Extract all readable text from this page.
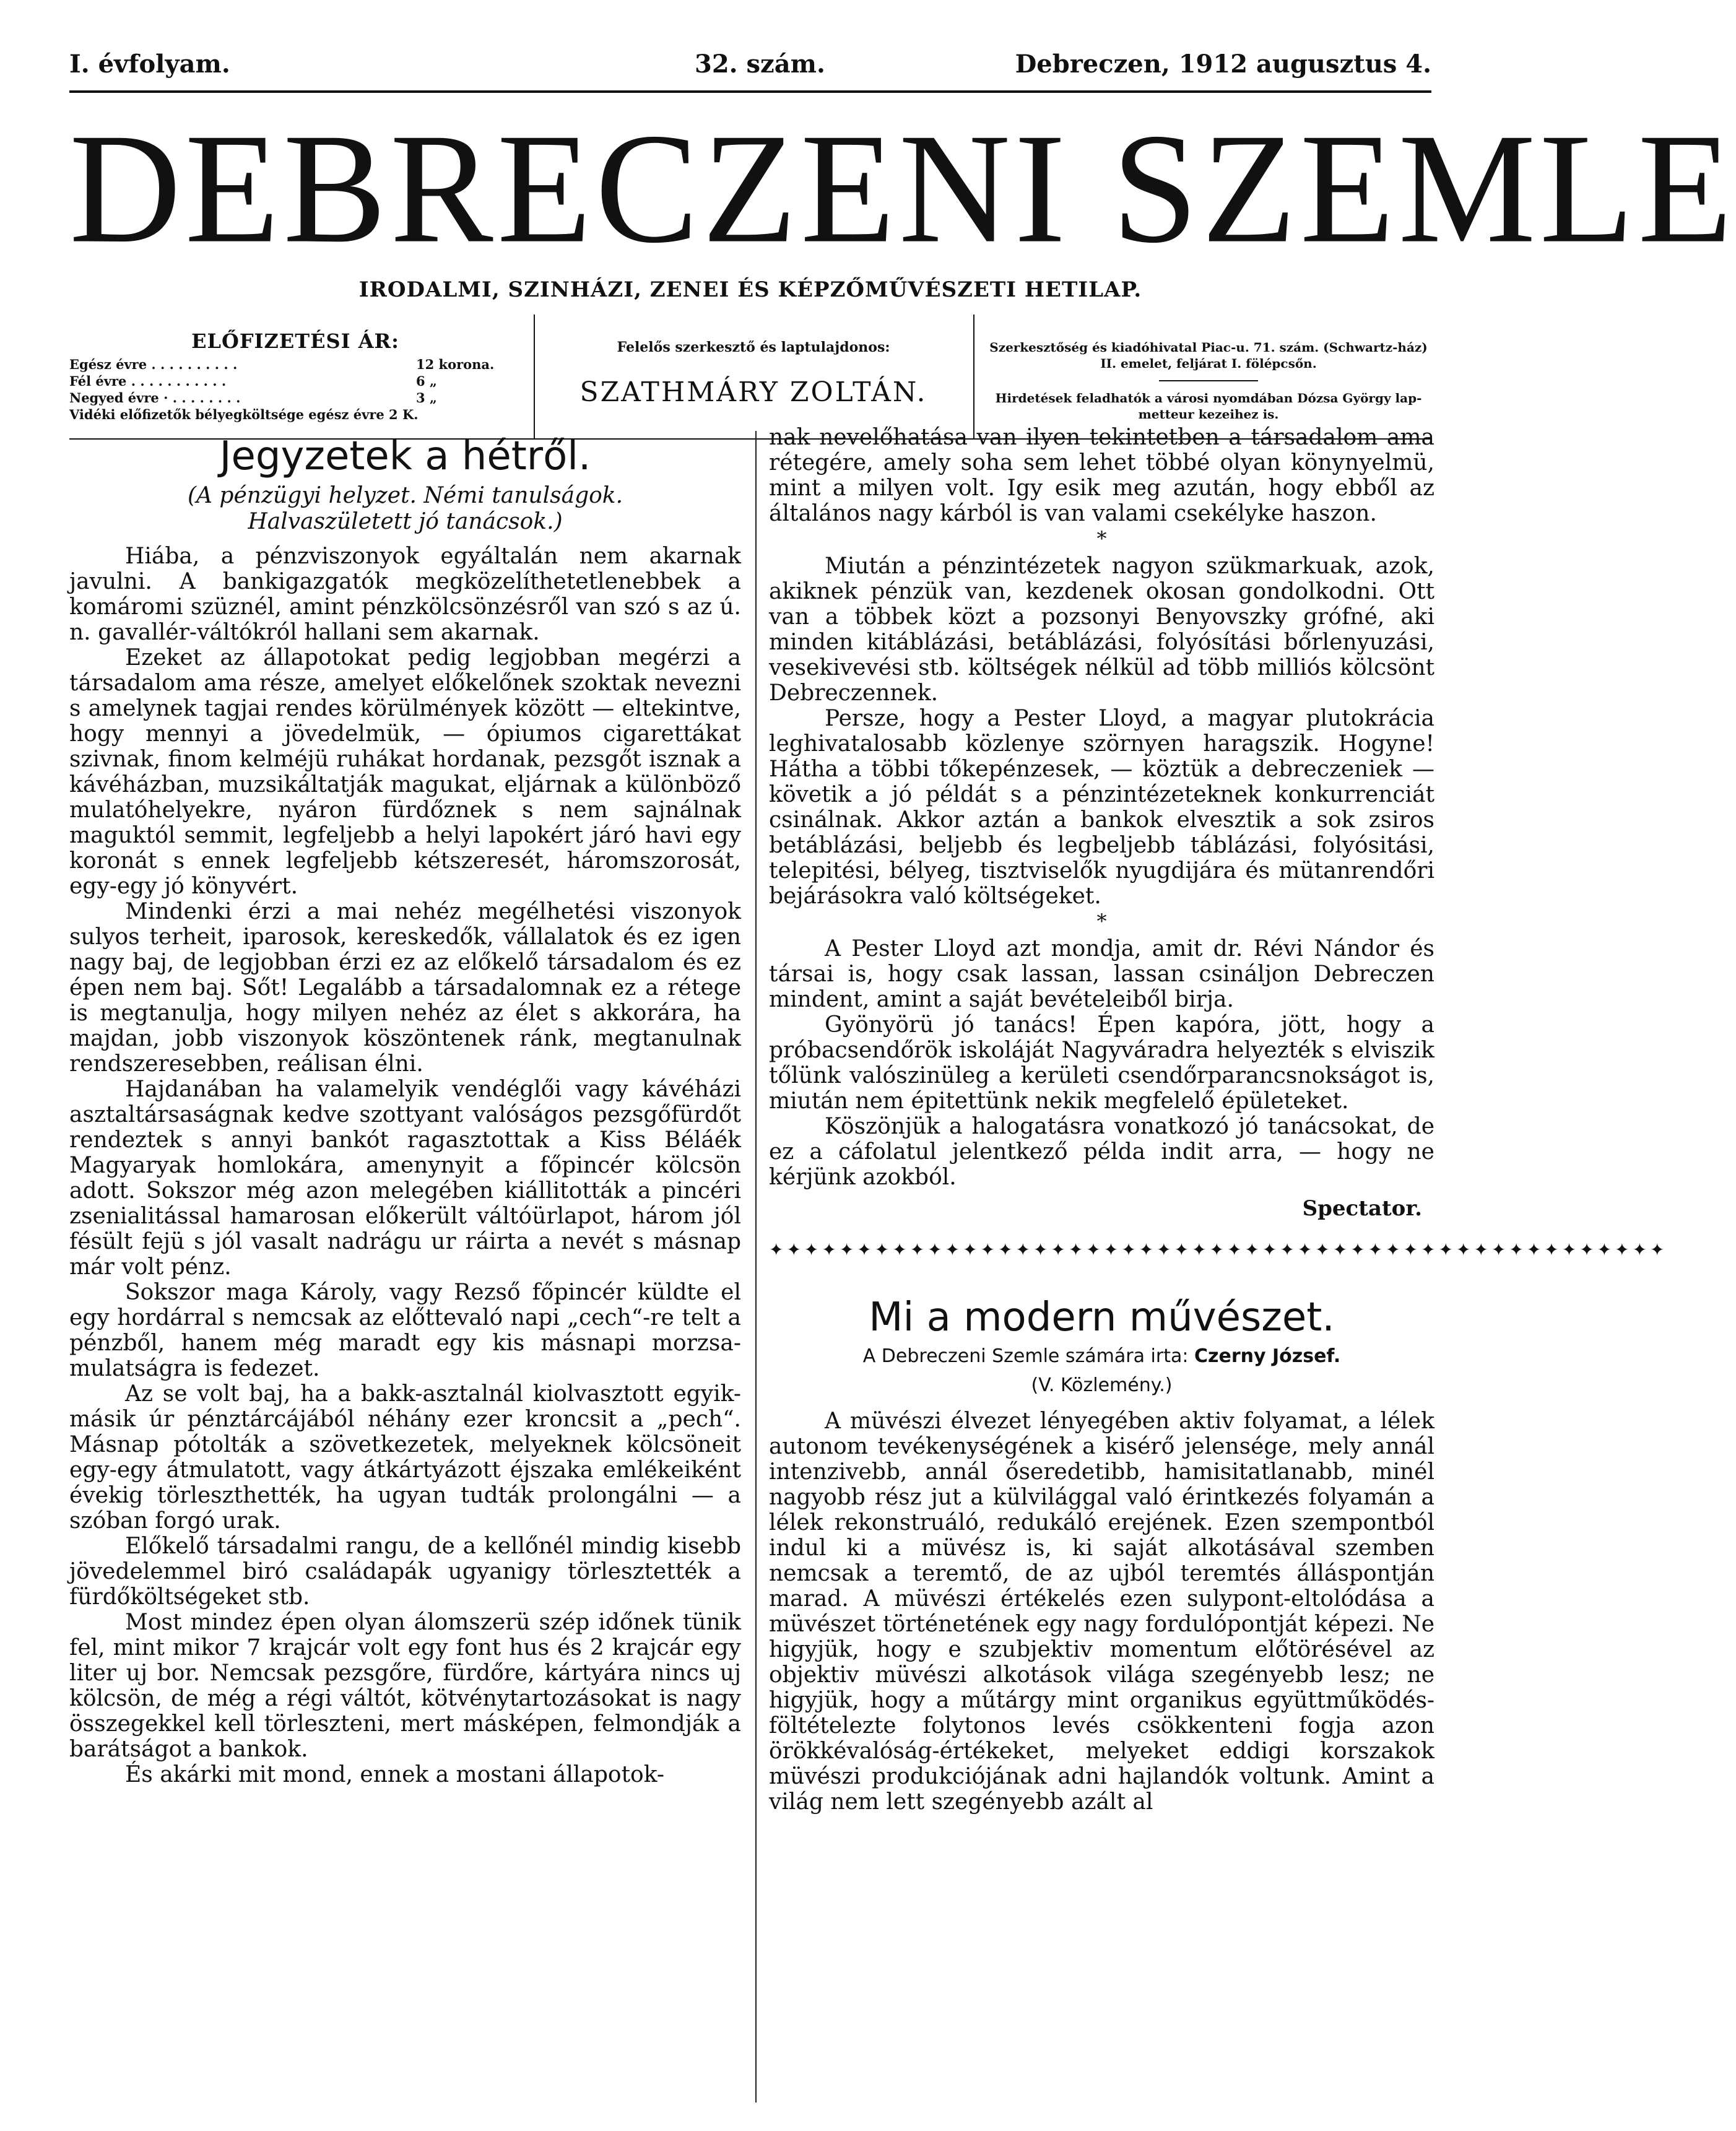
I. évfolyam.	32. szám.	Debreczen, 1912 augusztus 4.
DEBRECZENI SZEMLE
IRODALMI, SZINHÁZI, ZENEI ÉS KÉPZŐMŰVÉSZETI HETILAP.
ELŐFIZETÉSI ÁR:
Egész évre . . . . . . . . . .	12 korona.
Fél évre . . . . . . . . . . .	6 „
Negyed évre · . . . . . . . .	3 „
Vidéki előfizetők bélyegköltsége egész évre 2 K.
Felelős szerkesztő és laptulajdonos:
SZATHMÁRY ZOLTÁN.
Szerkesztőség és kiadóhivatal Piac-u. 71. szám. (Schwartz-ház) II. emelet, feljárat I. fölépcsőn.
Hirdetések feladhatók a városi nyomdában Dózsa György lap-metteur kezeihez is.
Jegyzetek a hétről.
(A pénzügyi helyzet. Némi tanulságok. Halvaszületett jó tanácsok.)

Hiába, a pénzviszonyok egyáltalán nem akarnak javulni. A bankigazgatók megközelíthetetlenebbek a komáromi szüznél, amint pénzkölcsönzésről van szó s az ú. n. gavallér-váltókról hallani sem akarnak.

Ezeket az állapotokat pedig legjobban megérzi a társadalom ama része, amelyet előkelőnek szoktak nevezni s amelynek tagjai rendes körülmények között — eltekintve, hogy mennyi a jövedelmük, — ópiumos cigarettákat szivnak, finom kelméjü ruhákat hordanak, pezsgőt isznak a kávéházban, muzsikáltatják magukat, eljárnak a különböző mulatóhelyekre, nyáron fürdőznek s nem sajnálnak maguktól semmit, legfeljebb a helyi lapokért járó havi egy koronát s ennek legfeljebb kétszeresét, háromszorosát, egy-egy jó könyvért.

Mindenki érzi a mai nehéz megélhetési viszonyok sulyos terheit, iparosok, kereskedők, vállalatok és ez igen nagy baj, de legjobban érzi ez az előkelő társadalom és ez épen nem baj. Sőt! Legalább a társadalomnak ez a rétege is megtanulja, hogy milyen nehéz az élet s akkorára, ha majdan, jobb viszonyok köszöntenek ránk, megtanulnak rendszeresebben, reálisan élni.

Hajdanában ha valamelyik vendéglői vagy kávéházi asztaltársaságnak kedve szottyant valóságos pezsgőfürdőt rendeztek s annyi bankót ragasztottak a Kiss Béláék Magyaryak homlokára, amenynyit a főpincér kölcsön adott. Sokszor még azon melegében kiállitották a pincéri zsenialitással hamarosan előkerült váltóürlapot, három jól fésült fejü s jól vasalt nadrágu ur ráirta a nevét s másnap már volt pénz.

Sokszor maga Károly, vagy Rezső főpincér küldte el egy hordárral s nemcsak az előttevaló napi „cech“-re telt a pénzből, hanem még maradt egy kis másnapi morzsa-mulatságra is fedezet.

Az se volt baj, ha a bakk-asztalnál kiolvasztott egyik-másik úr pénztárcájából néhány ezer kroncsit a „pech“. Másnap pótolták a szövetkezetek, melyeknek kölcsöneit egy-egy átmulatott, vagy átkártyázott éjszaka emlékeiként évekig törleszthették, ha ugyan tudták prolongálni — a szóban forgó urak.

Előkelő társadalmi rangu, de a kellőnél mindig kisebb jövedelemmel biró családapák ugyanigy törlesztették a fürdőköltségeket stb.

Most mindez épen olyan álomszerü szép időnek tünik fel, mint mikor 7 krajcár volt egy font hus és 2 krajcár egy liter uj bor. Nemcsak pezsgőre, fürdőre, kártyára nincs uj kölcsön, de még a régi váltót, kötvénytartozásokat is nagy összegekkel kell törleszteni, mert másképen, felmondják a barátságot a bankok.

És akárki mit mond, ennek a mostani állapotok-

nak nevelőhatása van ilyen tekintetben a társadalom ama rétegére, amely soha sem lehet többé olyan könynyelmü, mint a milyen volt. Igy esik meg azután, hogy ebből az általános nagy kárból is van valami csekélyke haszon.

*

Miután a pénzintézetek nagyon szükmarkuak, azok, akiknek pénzük van, kezdenek okosan gondolkodni. Ott van a többek közt a pozsonyi Benyovszky grófné, aki minden kitáblázási, betáblázási, folyósítási bőrlenyuzási, vesekivevési stb. költségek nélkül ad több milliós kölcsönt Debreczennek.

Persze, hogy a Pester Lloyd, a magyar plutokrácia leghivatalosabb közlenye szörnyen haragszik. Hogyne! Hátha a többi tőkepénzesek, — köztük a debreczeniek — követik a jó példát s a pénzintézeteknek konkurrenciát csinálnak. Akkor aztán a bankok elvesztik a sok zsiros betáblázási, beljebb és legbeljebb táblázási, folyósitási, telepitési, bélyeg, tisztviselők nyugdijára és mütanrendőri bejárásokra való költségeket.

*

A Pester Lloyd azt mondja, amit dr. Révi Nándor és társai is, hogy csak lassan, lassan csináljon Debreczen mindent, amint a saját bevételeiből birja.

Gyönyörü jó tanács! Épen kapóra, jött, hogy a próbacsendőrök iskoláját Nagyváradra helyezték s elviszik tőlünk valószinüleg a kerületi csendőrparancsnokságot is, miután nem épitettünk nekik megfelelő épületeket.

Köszönjük a halogatásra vonatkozó jó tanácsokat, de ez a cáfolatul jelentkező példa indit arra, — hogy ne kérjünk azokból.

Spectator.
✦✦✦✦✦✦✦✦✦✦✦✦✦✦✦✦✦✦✦✦✦✦✦✦✦✦✦✦✦✦✦✦✦✦✦✦✦✦✦✦✦✦✦✦✦✦✦✦✦✦✦
Mi a modern művészet.
A Debreczeni Szemle számára irta: Czerny József.
(V. Közlemény.)

A müvészi élvezet lényegében aktiv folyamat, a lélek autonom tevékenységének a kisérő jelensége, mely annál intenzivebb, annál őseredetibb, hamisitatlanabb, minél nagyobb rész jut a külvilággal való érintkezés folyamán a lélek rekonstruáló, redukáló erejének. Ezen szempontból indul ki a müvész is, ki saját alkotásával szemben nemcsak a teremtő, de az ujból teremtés álláspontján marad. A müvészi értékelés ezen sulypont-eltolódása a müvészet történetének egy nagy fordulópontját képezi. Ne higyjük, hogy e szubjektiv momentum előtörésével az objektiv müvészi alkotások világa szegényebb lesz; ne higyjük, hogy a műtárgy mint organikus együttműködés-föltételezte folytonos levés csökkenteni fogja azon örökkévalóság-értékeket, melyeket eddigi korszakok müvészi produkciójának adni hajlandók voltunk. Amint a világ nem lett szegényebb azált al
